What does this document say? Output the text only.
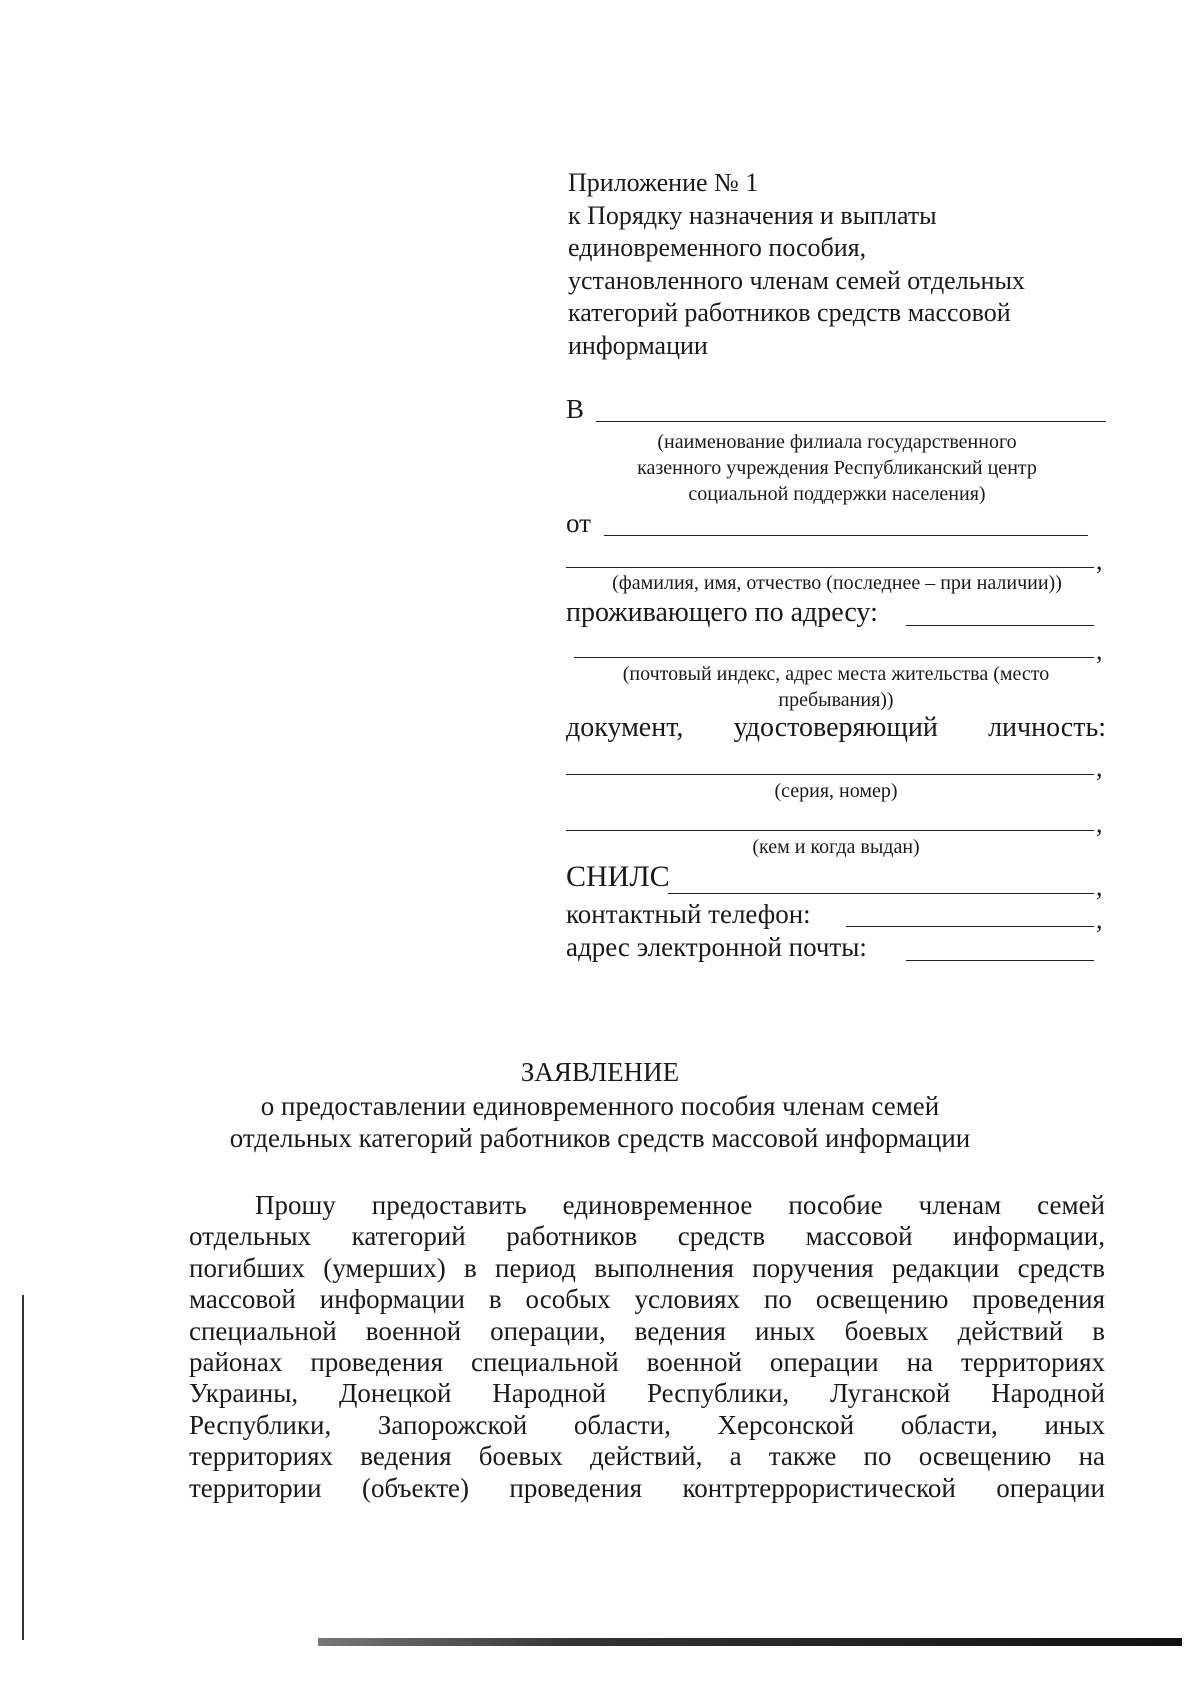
Приложение № 1
к Порядку назначения и выплаты
единовременного пособия,
установленного членам семей отдельных
категорий работников средств массовой
информации
В
(наименование филиала государственного
казенного учреждения Республиканский центр
социальной поддержки населения)
от
,
(фамилия, имя, отчество (последнее – при наличии))
проживающего по адресу:
,
(почтовый индекс, адрес места жительства (место
пребывания))
документ, удостоверяющий личность:
,
(серия, номер)
,
(кем и когда выдан)
СНИЛС	,
контактный телефон:	,
адрес электронной почты:
ЗАЯВЛЕНИЕ
о предоставлении единовременного пособия членам семей
отдельных категорий работников средств массовой информации
Прошу предоставить единовременное пособие членам семей
отдельных категорий работников средств массовой информации,
погибших (умерших) в период выполнения поручения редакции средств
массовой информации в особых условиях по освещению проведения
специальной военной операции, ведения иных боевых действий в
районах проведения специальной военной операции на территориях
Украины, Донецкой Народной Республики, Луганской Народной
Республики, Запорожской области, Херсонской области, иных
территориях ведения боевых действий, а также по освещению на
территории (объекте) проведения контртеррористической операции
